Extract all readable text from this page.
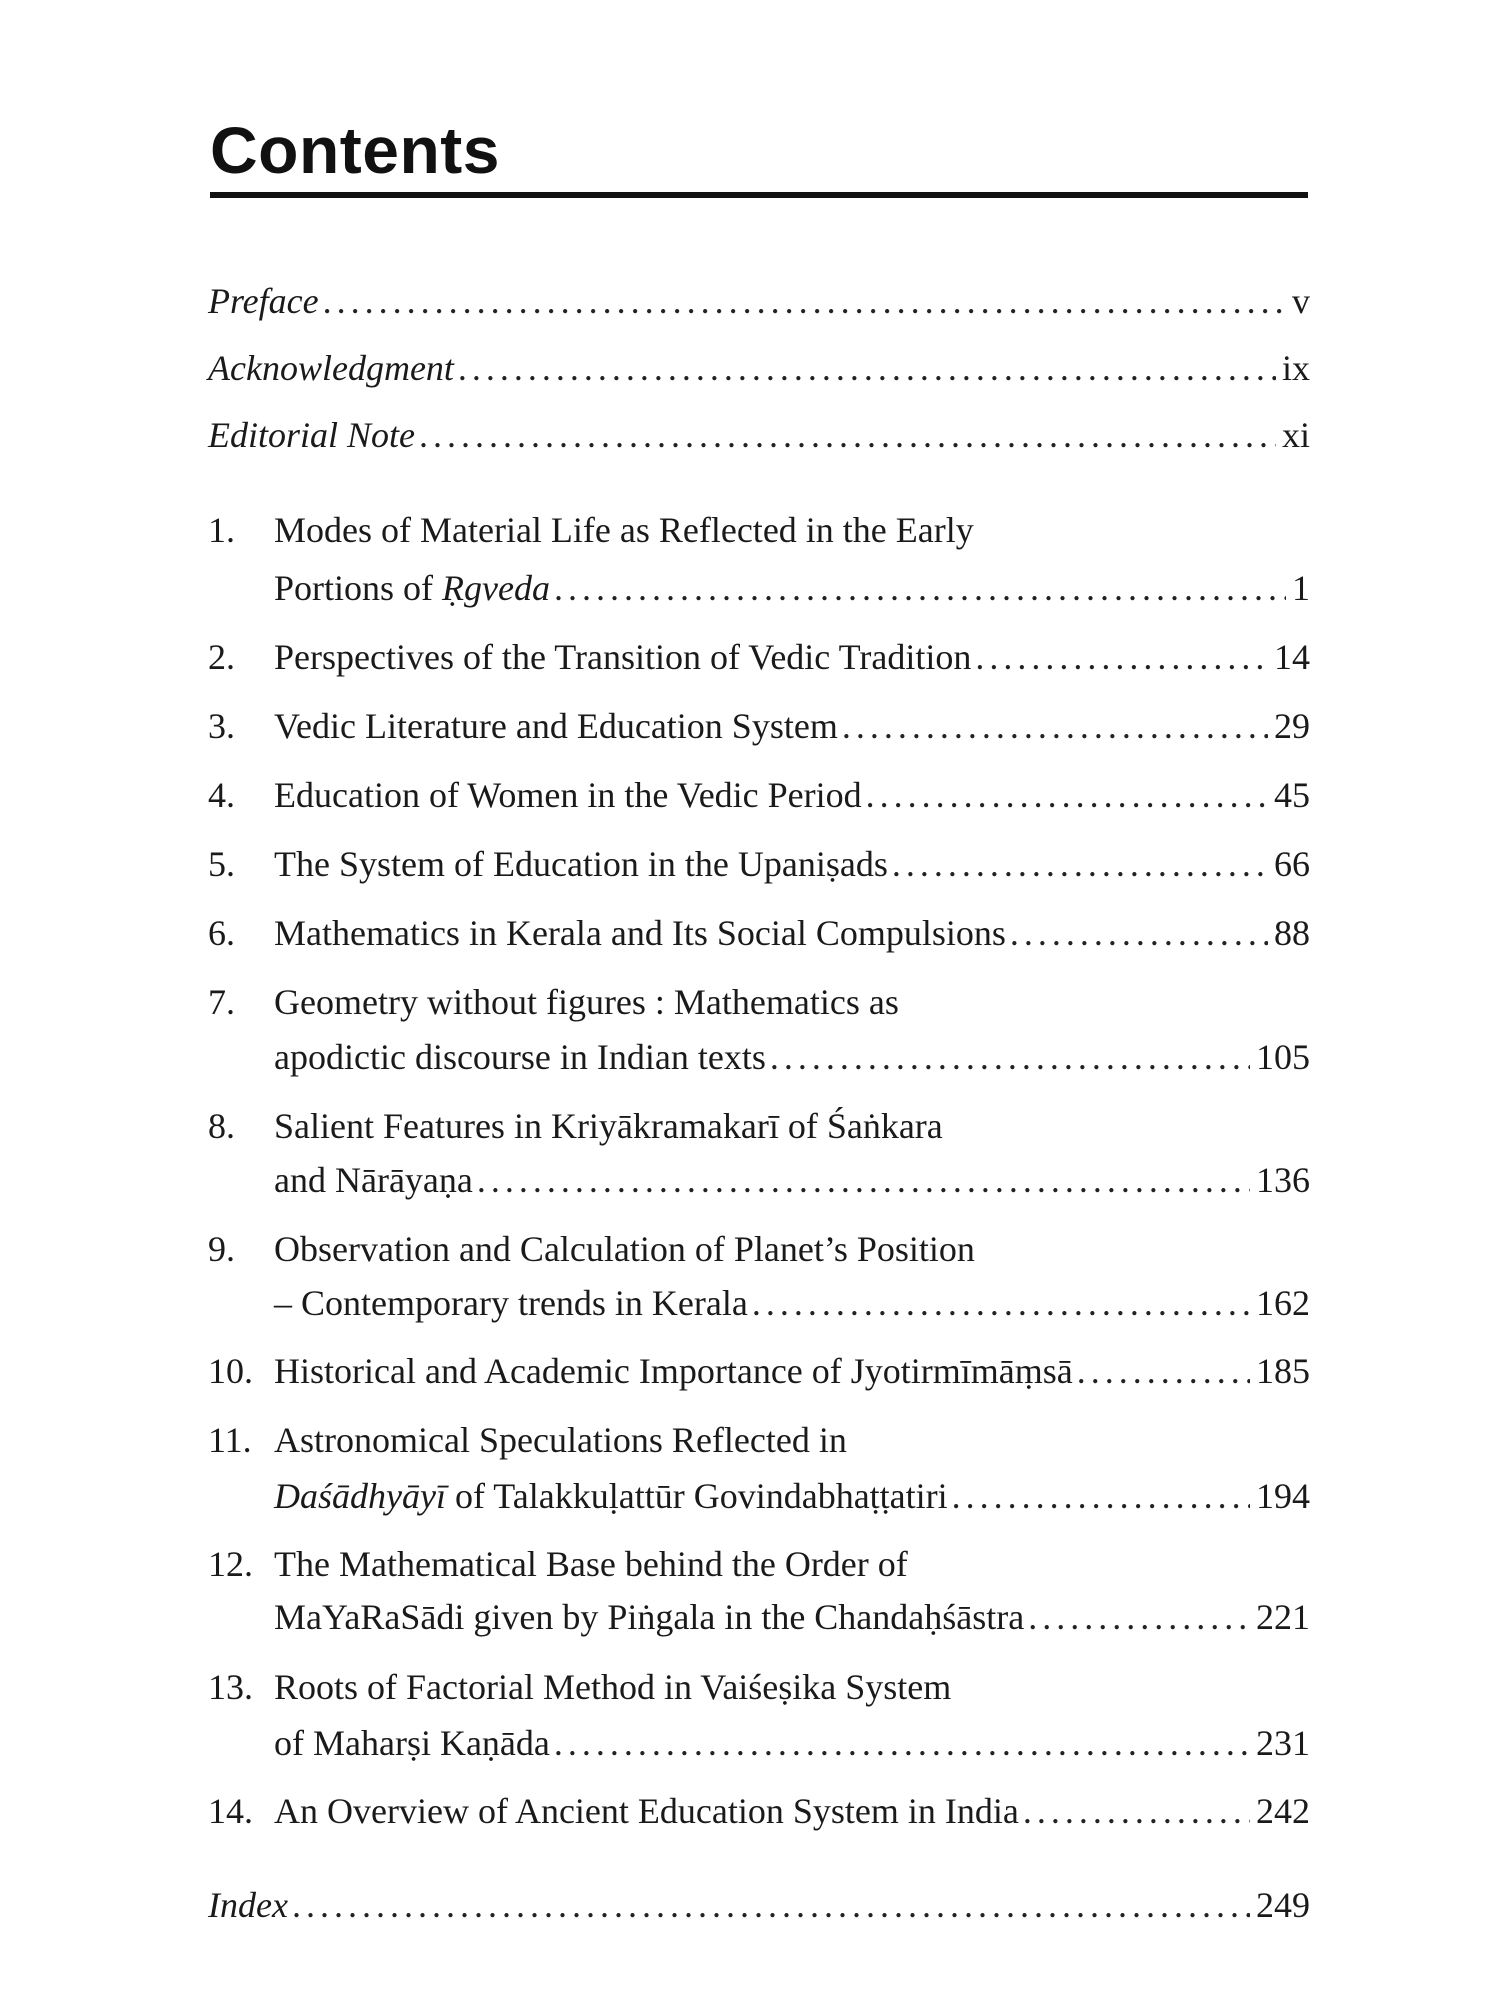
Contents
Preface . . .	v
Acknowledgment . . .	ix
Editorial Note . . .	xi
1.	Modes of Material Life as Reflected in the Early
Portions of Ṛgveda . . .	1
2.	Perspectives of the Transition of Vedic Tradition . . .	14
3.	Vedic Literature and Education System . . .	29
4.	Education of Women in the Vedic Period . . .	45
5.	The System of Education in the Upaniṣads . . .	66
6.	Mathematics in Kerala and Its Social Compulsions . . .	88
7.	Geometry without figures : Mathematics as
apodictic discourse in Indian texts . . .	105
8.	Salient Features in Kriyākramakarī of Śaṅkara
and Nārāyaṇa . . .	136
9.	Observation and Calculation of Planet’s Position
– Contemporary trends in Kerala . . .	162
10. Historical and Academic Importance of Jyotirmīmāṃsā . . .	185
11. Astronomical Speculations Reflected in
Daśādhyāyī of Talakkuḷattūr Govindabhaṭṭatiri . . .	194
12. The Mathematical Base behind the Order of
MaYaRaSādi given by Piṅgala in the Chandaḥśāstra . . .	221
13. Roots of Factorial Method in Vaiśeṣika System
of Maharṣi Kaṇāda . . .	231
14. An Overview of Ancient Education System in India . . .	242
Index . . .	249
